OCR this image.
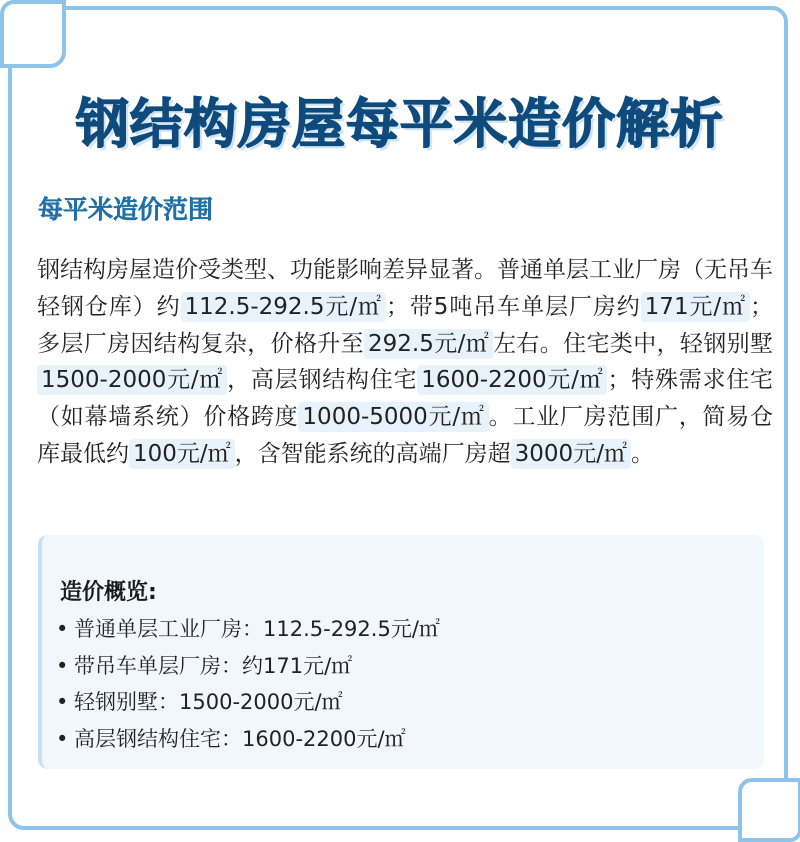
钢结构房屋每平米造价解析
每平米造价范围
钢结构房屋造价受类型、功能影响差异显著。普通单层工业厂房（无吊车轻钢仓库）约 112.5-292.5元/㎡ ；带5吨吊车单层厂房约 171元/㎡ ；多层厂房因结构复杂，价格升至 292.5元/㎡ 左右。住宅类中，轻钢别墅1500-2000元/㎡ ，高层钢结构住宅 1600-2200元/㎡ ；特殊需求住宅（如幕墙系统）价格跨度 1000-5000元/㎡ 。工业厂房范围广，简易仓库最低约 100元/㎡ ，含智能系统的高端厂房超 3000元/㎡ 。
造价概览:
• 普通单层工业厂房：112.5-292.5元/㎡
• 带吊车单层厂房：约171元/㎡
• 轻钢别墅：1500-2000元/㎡
• 高层钢结构住宅：1600-2200元/㎡
